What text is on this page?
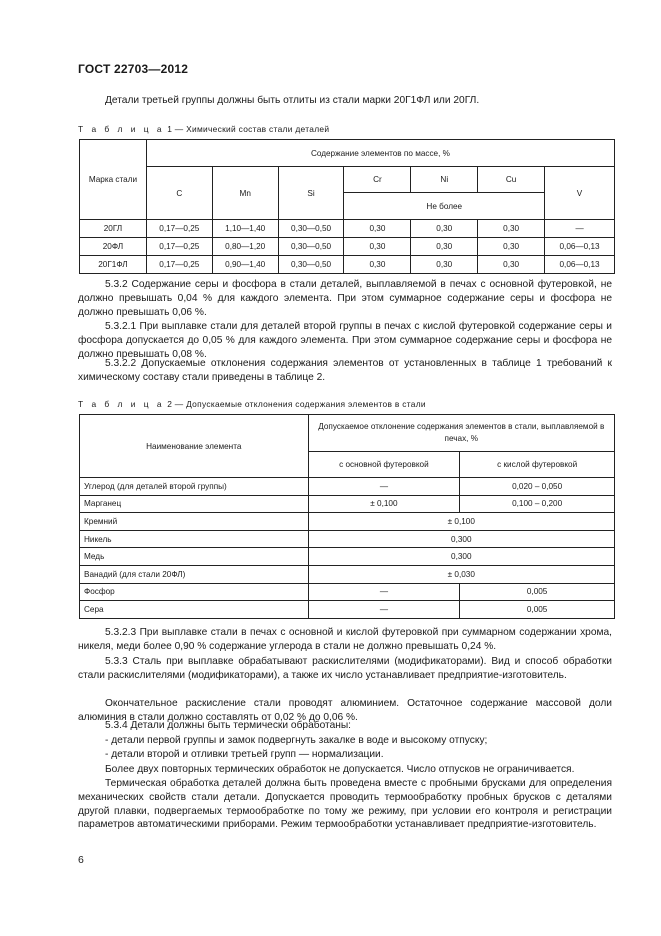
ГОСТ 22703—2012
Детали третьей группы должны быть отлиты из стали марки 20Г1ФЛ или 20ГЛ.
Т а б л и ц а 1 — Химический состав стали деталей
Марка стали	Содержание элементов по массе, %						
	C	Mn	Si	Cr	Ni	Cu	V
				Не более			
20ГЛ	0,17—0,25	1,10—1,40	0,30—0,50	0,30	0,30	0,30	—
20ФЛ	0,17—0,25	0,80—1,20	0,30—0,50	0,30	0,30	0,30	0,06—0,13
20Г1ФЛ	0,17—0,25	0,90—1,40	0,30—0,50	0,30	0,30	0,30	0,06—0,13
5.3.2 Содержание серы и фосфора в стали деталей, выплавляемой в печах с основной футеровкой, не должно превышать 0,04 % для каждого элемента. При этом суммарное содержание серы и фосфора не должно превышать 0,06 %.
5.3.2.1 При выплавке стали для деталей второй группы в печах с кислой футеровкой содержание серы и фосфора допускается до 0,05 % для каждого элемента. При этом суммарное содержание серы и фосфора не должно превышать 0,08 %.
5.3.2.2 Допускаемые отклонения содержания элементов от установленных в таблице 1 требований к химическому составу стали приведены в таблице 2.
Т а б л и ц а 2 — Допускаемые отклонения содержания элементов в стали
Наименование элемента	Допускаемое отклонение содержания элементов в стали, выплавляемой в печах, %	
	с основной футеровкой	с кислой футеровкой
Углерод (для деталей второй группы)	—	0,020 – 0,050
Марганец	± 0,100	0,100 – 0,200
Кремний	± 0,100	
Никель	0,300	
Медь	0,300	
Ванадий (для стали 20ФЛ)	± 0,030	
Фосфор	—	0,005
Сера	—	0,005
5.3.2.3 При выплавке стали в печах с основной и кислой футеровкой при суммарном содержании хрома, никеля, меди более 0,90 % содержание углерода в стали не должно превышать 0,24 %.
5.3.3 Сталь при выплавке обрабатывают раскислителями (модификаторами). Вид и способ обработки стали раскислителями (модификаторами), а также их число устанавливает предприятие-изготовитель.
Окончательное раскисление стали проводят алюминием. Остаточное содержание массовой доли алюминия в стали должно составлять от 0,02 % до 0,06 %.
5.3.4 Детали должны быть термически обработаны:
- детали первой группы и замок подвергнуть закалке в воде и высокому отпуску;
- детали второй и отливки третьей групп — нормализации.
Более двух повторных термических обработок не допускается. Число отпусков не ограничивается.
Термическая обработка деталей должна быть проведена вместе с пробными брусками для определения механических свойств стали детали. Допускается проводить термообработку пробных брусков с деталями другой плавки, подвергаемых термообработке по тому же режиму, при условии его контроля и регистрации параметров автоматическими приборами. Режим термообработки устанавливает предприятие-изготовитель.
6
